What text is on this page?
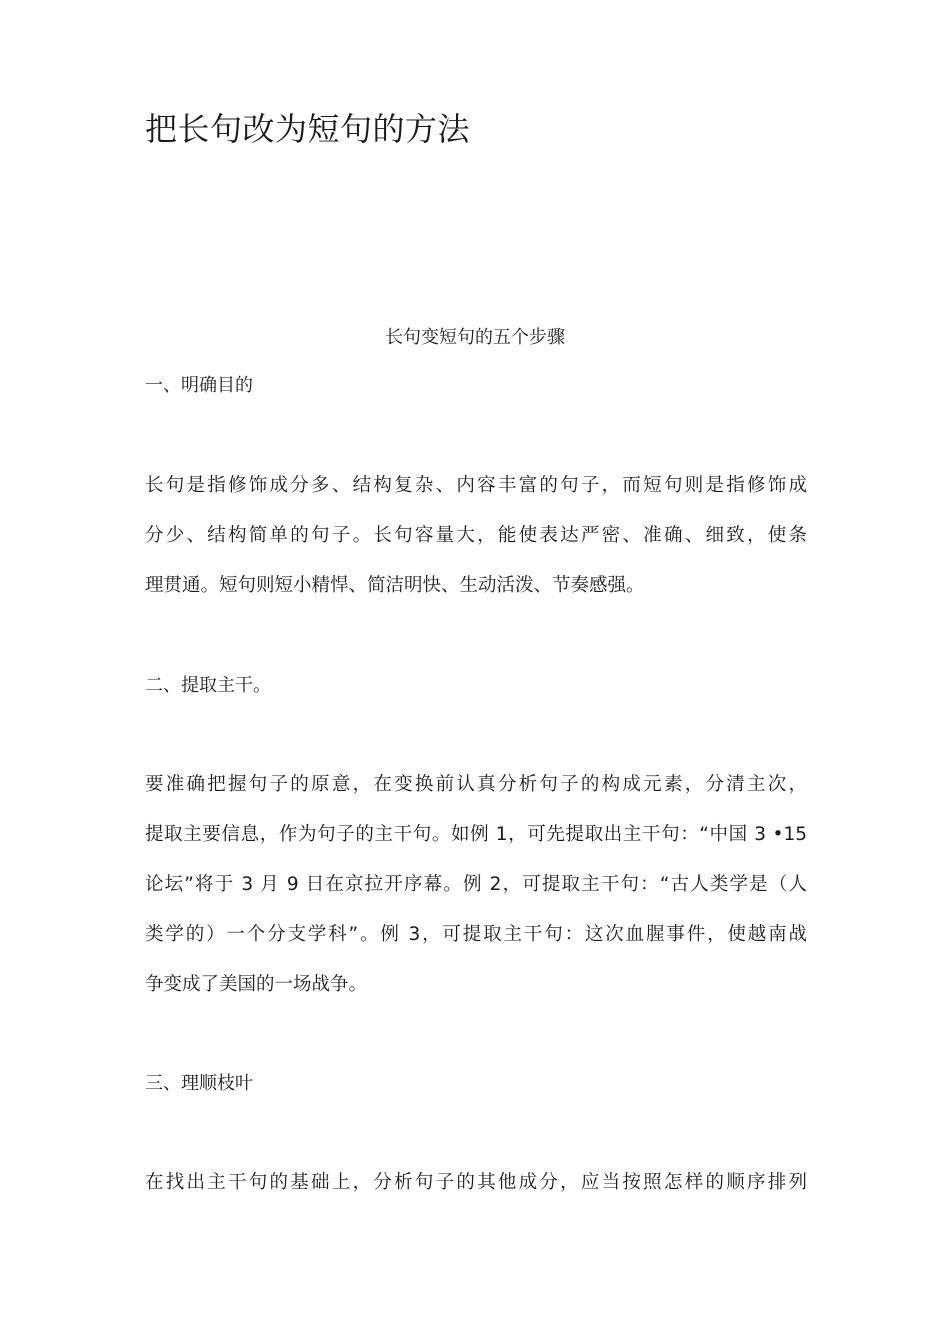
把长句改为短句的方法
长句变短句的五个步骤
一、明确目的
长句是指修饰成分多、结构复杂、内容丰富的句子，而短句则是指修饰成
分少、结构简单的句子。长句容量大，能使表达严密、准确、细致，使条
理贯通。短句则短小精悍、简洁明快、生动活泼、节奏感强。
二、提取主干。
要准确把握句子的原意，在变换前认真分析句子的构成元素，分清主次，
提取主要信息，作为句子的主干句。如例 1，可先提取出主干句：“中国 3 •15
论坛”将于 3 月 9 日在京拉开序幕。例 2，可提取主干句：“古人类学是（人
类学的）一个分支学科”。例 3，可提取主干句：这次血腥事件，使越南战
争变成了美国的一场战争。
三、理顺枝叶
在找出主干句的基础上，分析句子的其他成分，应当按照怎样的顺序排列
